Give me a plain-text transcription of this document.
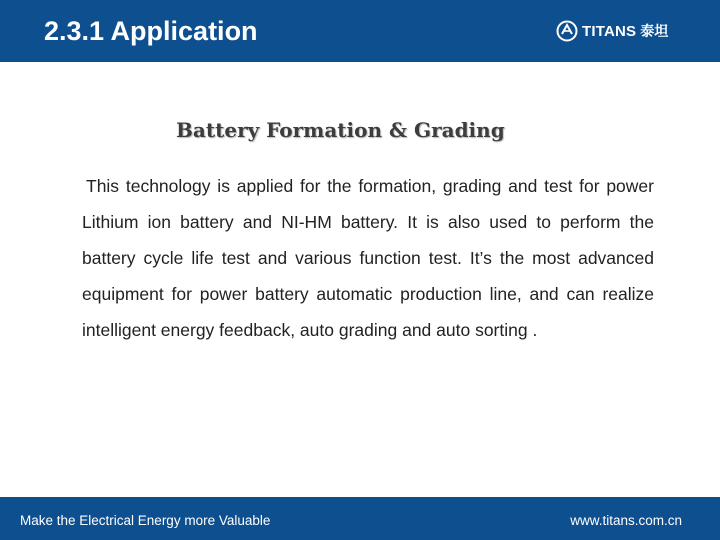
2.3.1 Application	TITANS 泰坦
Battery Formation & Grading
This technology is applied for the formation, grading and test for power Lithium ion battery and NI-HM battery. It is also used to perform the battery cycle life test and various function test. It’s the most advanced equipment for power battery automatic production line, and can realize intelligent energy feedback, auto grading and auto sorting .
Make the Electrical Energy more Valuable	www.titans.com.cn
